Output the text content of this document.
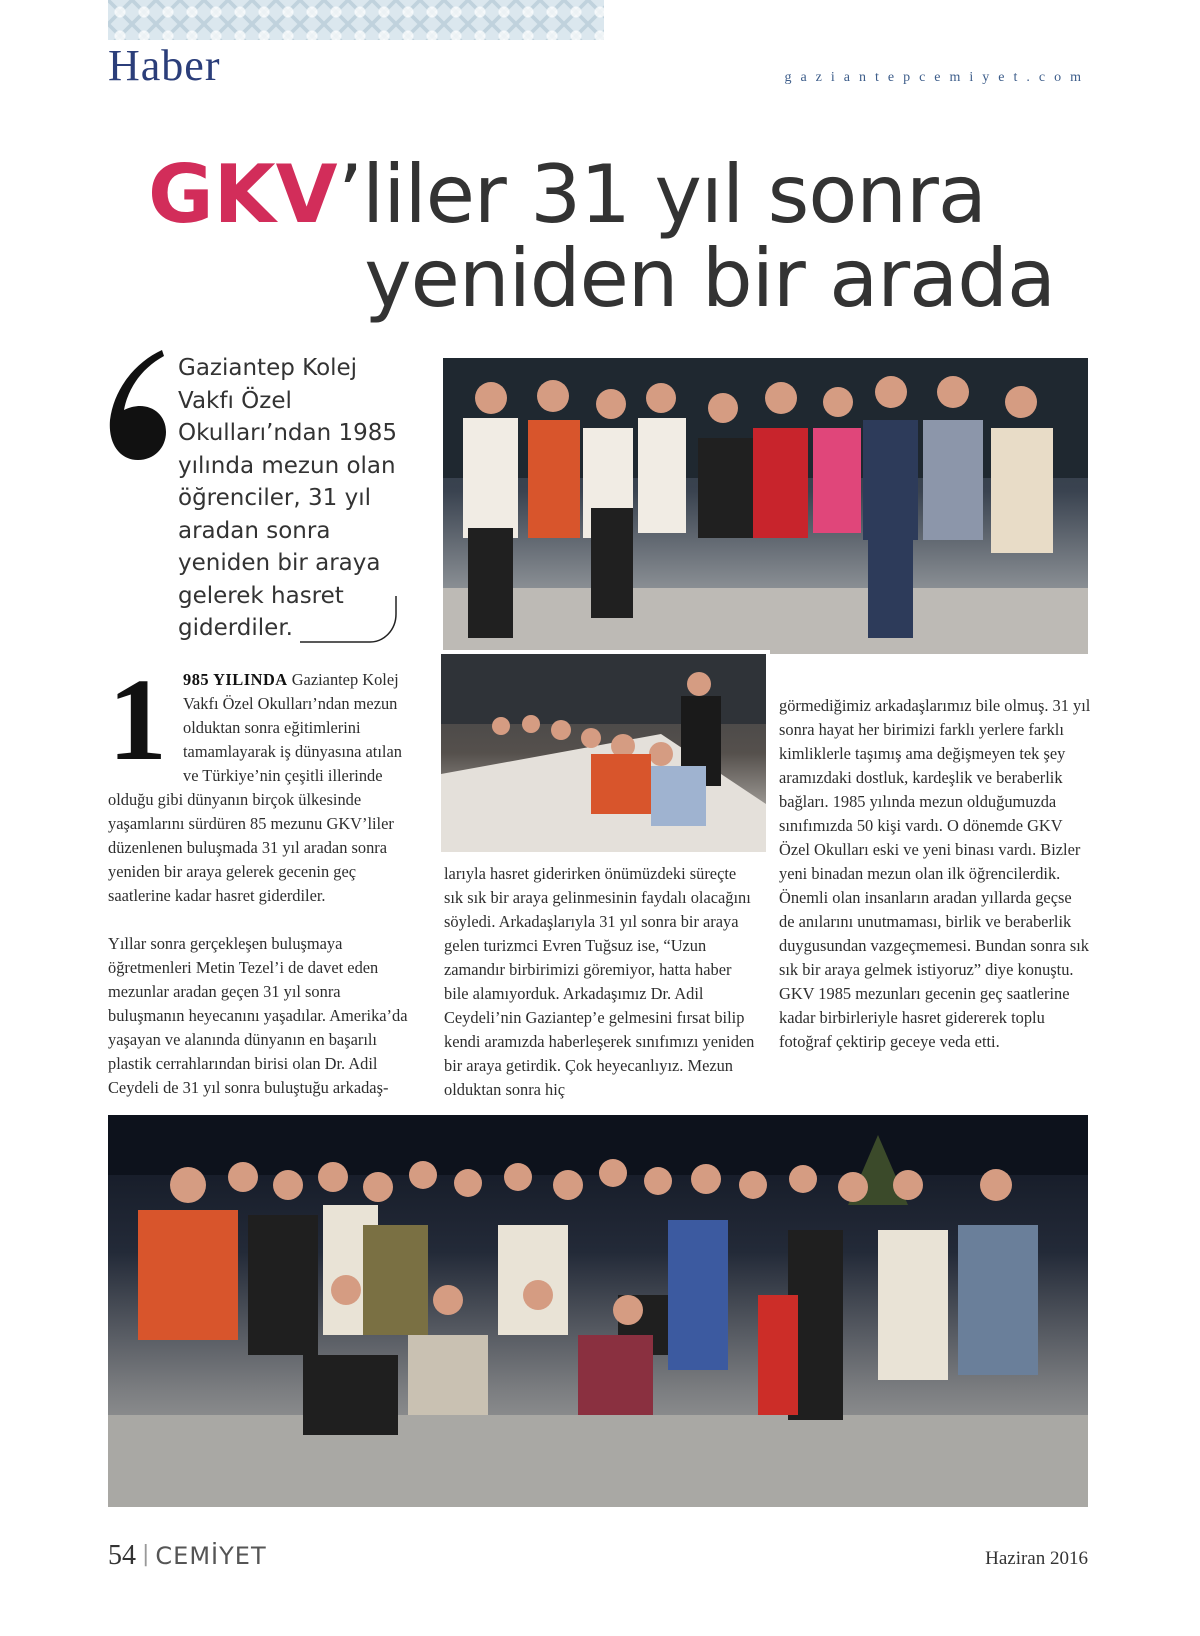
Haber	gaziantepcemiyet.com
GKV’liler 31 yıl sonra
yeniden bir arada
Gaziantep Kolej Vakfı Özel Okulları’ndan 1985 yılında mezun olan öğrenciler, 31 yıl aradan sonra yeniden bir araya gelerek hasret giderdiler.

1 985 YILINDA Gaziantep Kolej Vakfı Özel Okulları’ndan mezun olduktan sonra eğitimlerini tamamlayarak iş dünyasına atılan ve Türkiye’nin çeşitli illerinde olduğu gibi dünyanın birçok ülkesinde yaşamlarını sürdüren 85 mezunu GKV’liler düzenlenen buluşmada 31 yıl aradan sonra yeniden bir araya gelerek gecenin geç saatlerine kadar hasret giderdiler.

Yıllar sonra gerçekleşen buluşmaya öğretmenleri Metin Tezel’i de davet eden mezunlar aradan geçen 31 yıl sonra buluşmanın heyecanını yaşadılar. Amerika’da yaşayan ve alanında dünyanın en başarılı plastik cerrahlarından birisi olan Dr. Adil Ceydeli de 31 yıl sonra buluştuğu arkadaş-

larıyla hasret giderirken önümüzdeki süreçte sık sık bir araya gelinmesinin faydalı olacağını söyledi. Arkadaşlarıyla 31 yıl sonra bir araya gelen turizmci Evren Tuğsuz ise, “Uzun zamandır birbirimizi göremiyor, hatta haber bile alamıyorduk. Arkadaşımız Dr. Adil Ceydeli’nin Gaziantep’e gelmesini fırsat bilip kendi aramızda haberleşerek sınıfımızı yeniden bir araya getirdik. Çok heyecanlıyız. Mezun olduktan sonra hiç

görmediğimiz arkadaşlarımız bile olmuş. 31 yıl sonra hayat her birimizi farklı yerlere farklı kimliklerle taşımış ama değişmeyen tek şey aramızdaki dostluk, kardeşlik ve beraberlik bağları. 1985 yılında mezun olduğumuzda sınıfımızda 50 kişi vardı. O dönemde GKV Özel Okulları eski ve yeni binası vardı. Bizler yeni binadan mezun olan ilk öğrencilerdik. Önemli olan insanların aradan yıllarda geçse de anılarını unutmaması, birlik ve beraberlik duygusundan vazgeçmemesi. Bundan sonra sık sık bir araya gelmek istiyoruz” diye konuştu. GKV 1985 mezunları gecenin geç saatlerine kadar birbirleriyle hasret gidererek toplu fotoğraf çektirip geceye veda etti.

54 | CEMİYET	Haziran 2016
